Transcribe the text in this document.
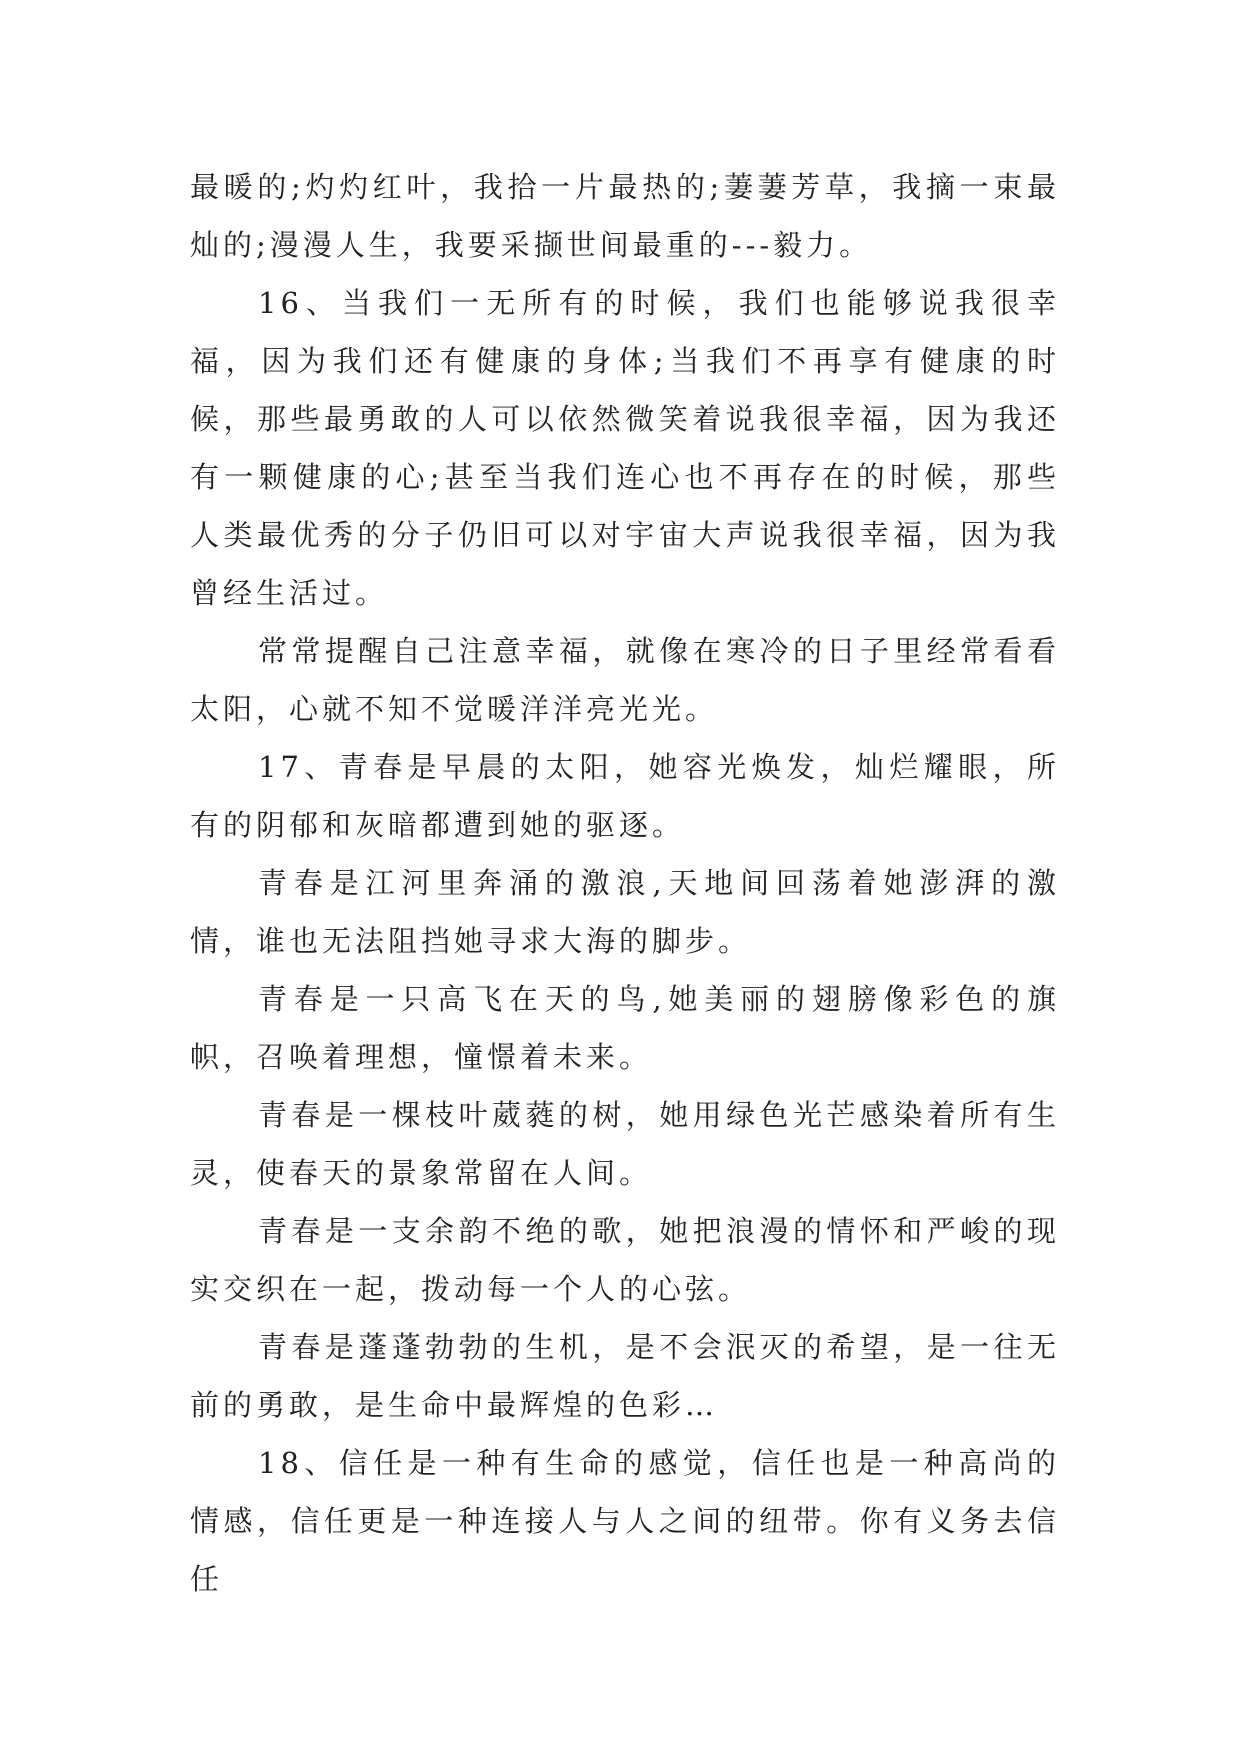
最暖的;灼灼红叶，我拾一片最热的;萋萋芳草，我摘一束最灿的;漫漫人生，我要采撷世间最重的---毅力。

16、当我们一无所有的时候，我们也能够说我很幸福，因为我们还有健康的身体;当我们不再享有健康的时候，那些最勇敢的人可以依然微笑着说我很幸福，因为我还有一颗健康的心;甚至当我们连心也不再存在的时候，那些人类最优秀的分子仍旧可以对宇宙大声说我很幸福，因为我曾经生活过。

常常提醒自己注意幸福，就像在寒冷的日子里经常看看太阳，心就不知不觉暖洋洋亮光光。

17、青春是早晨的太阳，她容光焕发，灿烂耀眼，所有的阴郁和灰暗都遭到她的驱逐。

青春是江河里奔涌的激浪,天地间回荡着她澎湃的激情，谁也无法阻挡她寻求大海的脚步。

青春是一只高飞在天的鸟,她美丽的翅膀像彩色的旗帜，召唤着理想，憧憬着未来。

青春是一棵枝叶葳蕤的树，她用绿色光芒感染着所有生灵，使春天的景象常留在人间。

青春是一支余韵不绝的歌，她把浪漫的情怀和严峻的现实交织在一起，拨动每一个人的心弦。

青春是蓬蓬勃勃的生机，是不会泯灭的希望，是一往无前的勇敢，是生命中最辉煌的色彩…

18、信任是一种有生命的感觉，信任也是一种高尚的情感，信任更是一种连接人与人之间的纽带。你有义务去信任
